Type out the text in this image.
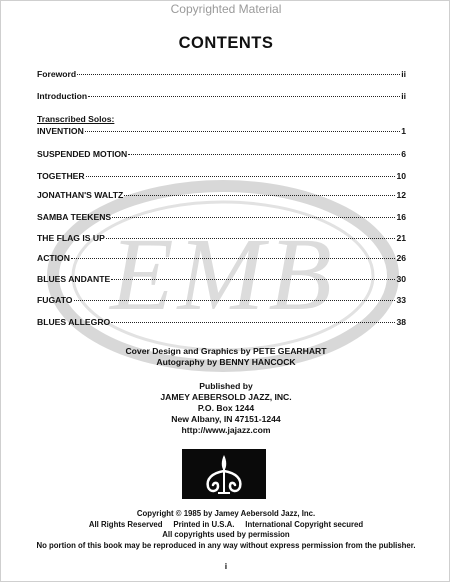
Copyrighted Material
EMB
CONTENTS
Foreword	ii
Introduction	ii
Transcribed Solos:
INVENTION	1
SUSPENDED MOTION	6
TOGETHER	10
JONATHAN'S WALTZ	12
SAMBA TEEKENS	16
THE FLAG IS UP	21
ACTION	26
BLUES ANDANTE	30
FUGATO	33
BLUES ALLEGRO	38
Cover Design and Graphics by PETE GEARHART
Autography by BENNY HANCOCK
Published by
JAMEY AEBERSOLD JAZZ, INC.
P.O. Box 1244
New Albany, IN 47151-1244
http://www.jajazz.com
Copyright © 1985 by Jamey Aebersold Jazz, Inc.
All Rights Reserved     Printed in U.S.A.     International Copyright secured
All copyrights used by permission
No portion of this book may be reproduced in any way without express permission from the publisher.
i
